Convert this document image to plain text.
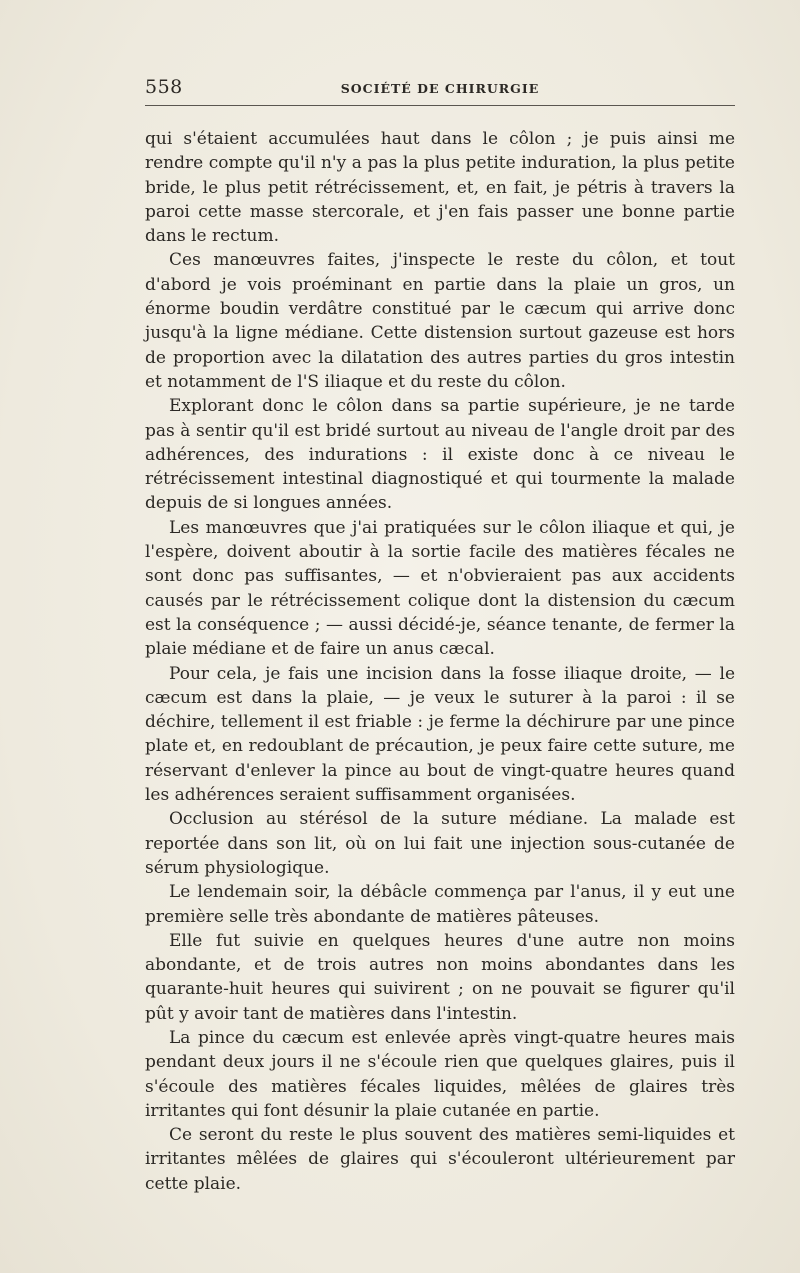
558	SOCIÉTÉ DE CHIRURGIE

qui s'étaient accumulées haut dans le côlon ; je puis ainsi me rendre compte qu'il n'y a pas la plus petite induration, la plus petite bride, le plus petit rétrécissement, et, en fait, je pétris à travers la paroi cette masse stercorale, et j'en fais passer une bonne partie dans le rectum.

Ces manœuvres faites, j'inspecte le reste du côlon, et tout d'abord je vois proéminant en partie dans la plaie un gros, un énorme boudin verdâtre constitué par le cæcum qui arrive donc jusqu'à la ligne médiane. Cette distension surtout gazeuse est hors de proportion avec la dilatation des autres parties du gros intestin et notamment de l'S iliaque et du reste du côlon.

Explorant donc le côlon dans sa partie supérieure, je ne tarde pas à sentir qu'il est bridé surtout au niveau de l'angle droit par des adhérences, des indurations : il existe donc à ce niveau le rétrécissement intestinal diagnostiqué et qui tourmente la malade depuis de si longues années.

Les manœuvres que j'ai pratiquées sur le côlon iliaque et qui, je l'espère, doivent aboutir à la sortie facile des matières fécales ne sont donc pas suffisantes, — et n'obvieraient pas aux accidents causés par le rétrécissement colique dont la distension du cæcum est la conséquence ; — aussi décidé-je, séance tenante, de fermer la plaie médiane et de faire un anus cæcal.

Pour cela, je fais une incision dans la fosse iliaque droite, — le cæcum est dans la plaie, — je veux le suturer à la paroi : il se déchire, tellement il est friable : je ferme la déchirure par une pince plate et, en redoublant de précaution, je peux faire cette suture, me réservant d'enlever la pince au bout de vingt-quatre heures quand les adhérences seraient suffisamment organisées.

Occlusion au stérésol de la suture médiane. La malade est reportée dans son lit, où on lui fait une injection sous-cutanée de sérum physiologique.

Le lendemain soir, la débâcle commença par l'anus, il y eut une première selle très abondante de matières pâteuses.

Elle fut suivie en quelques heures d'une autre non moins abondante, et de trois autres non moins abondantes dans les quarante-huit heures qui suivirent ; on ne pouvait se figurer qu'il pût y avoir tant de matières dans l'intestin.

La pince du cæcum est enlevée après vingt-quatre heures mais pendant deux jours il ne s'écoule rien que quelques glaires, puis il s'écoule des matières fécales liquides, mêlées de glaires très irritantes qui font désunir la plaie cutanée en partie.

Ce seront du reste le plus souvent des matières semi-liquides et irritantes mêlées de glaires qui s'écouleront ultérieurement par cette plaie.
